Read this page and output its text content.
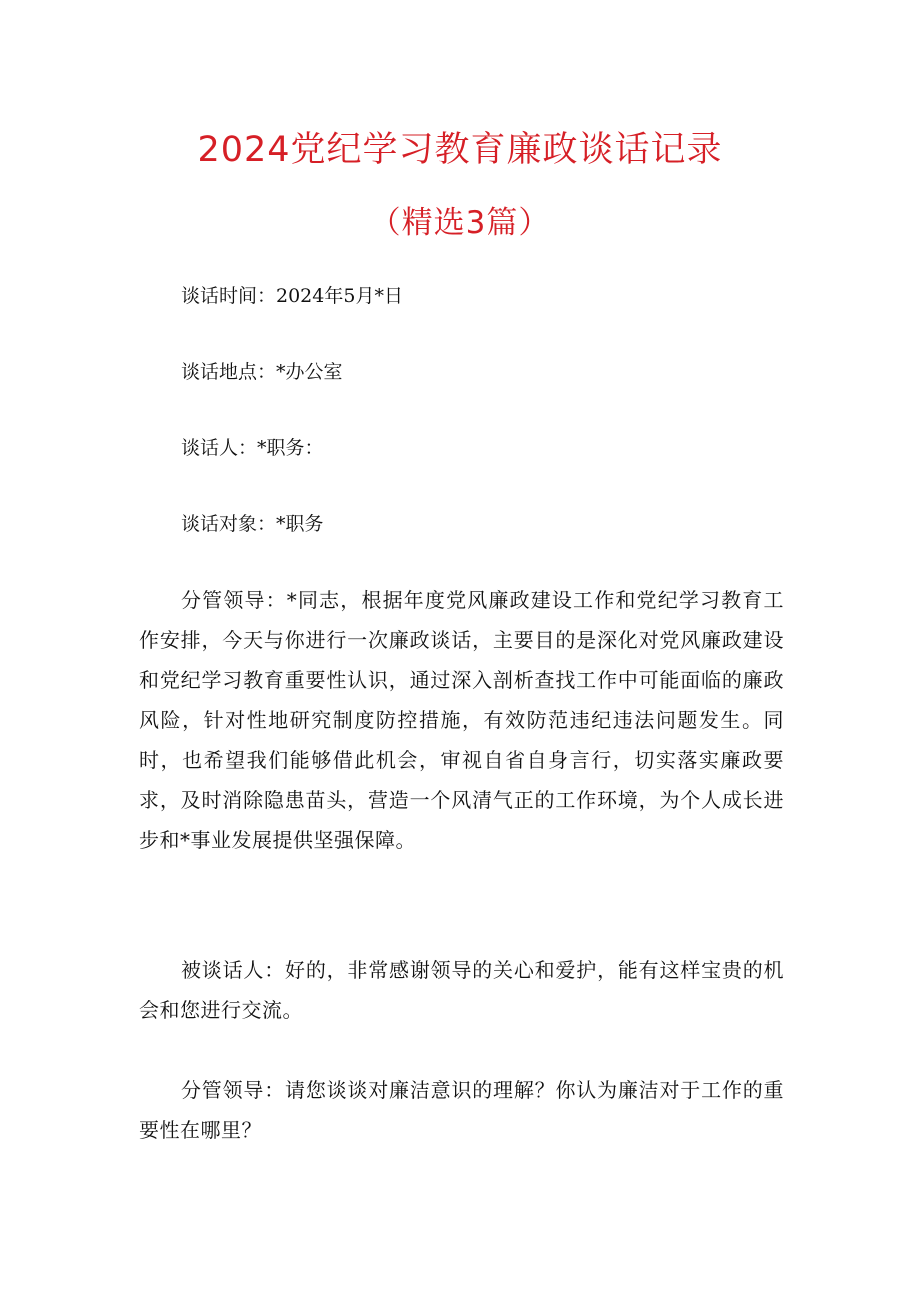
2024党纪学习教育廉政谈话记录
（精选3篇）

谈话时间：2024年5月*日

谈话地点：*办公室

谈话人：*职务：

谈话对象：*职务

分管领导：*同志，根据年度党风廉政建设工作和党纪学习教育工作安排，今天与你进行一次廉政谈话，主要目的是深化对党风廉政建设和党纪学习教育重要性认识，通过深入剖析查找工作中可能面临的廉政风险，针对性地研究制度防控措施，有效防范违纪违法问题发生。同时，也希望我们能够借此机会，审视自省自身言行，切实落实廉政要求，及时消除隐患苗头，营造一个风清气正的工作环境，为个人成长进步和*事业发展提供坚强保障。

被谈话人：好的，非常感谢领导的关心和爱护，能有这样宝贵的机会和您进行交流。

分管领导：请您谈谈对廉洁意识的理解？你认为廉洁对于工作的重要性在哪里？
